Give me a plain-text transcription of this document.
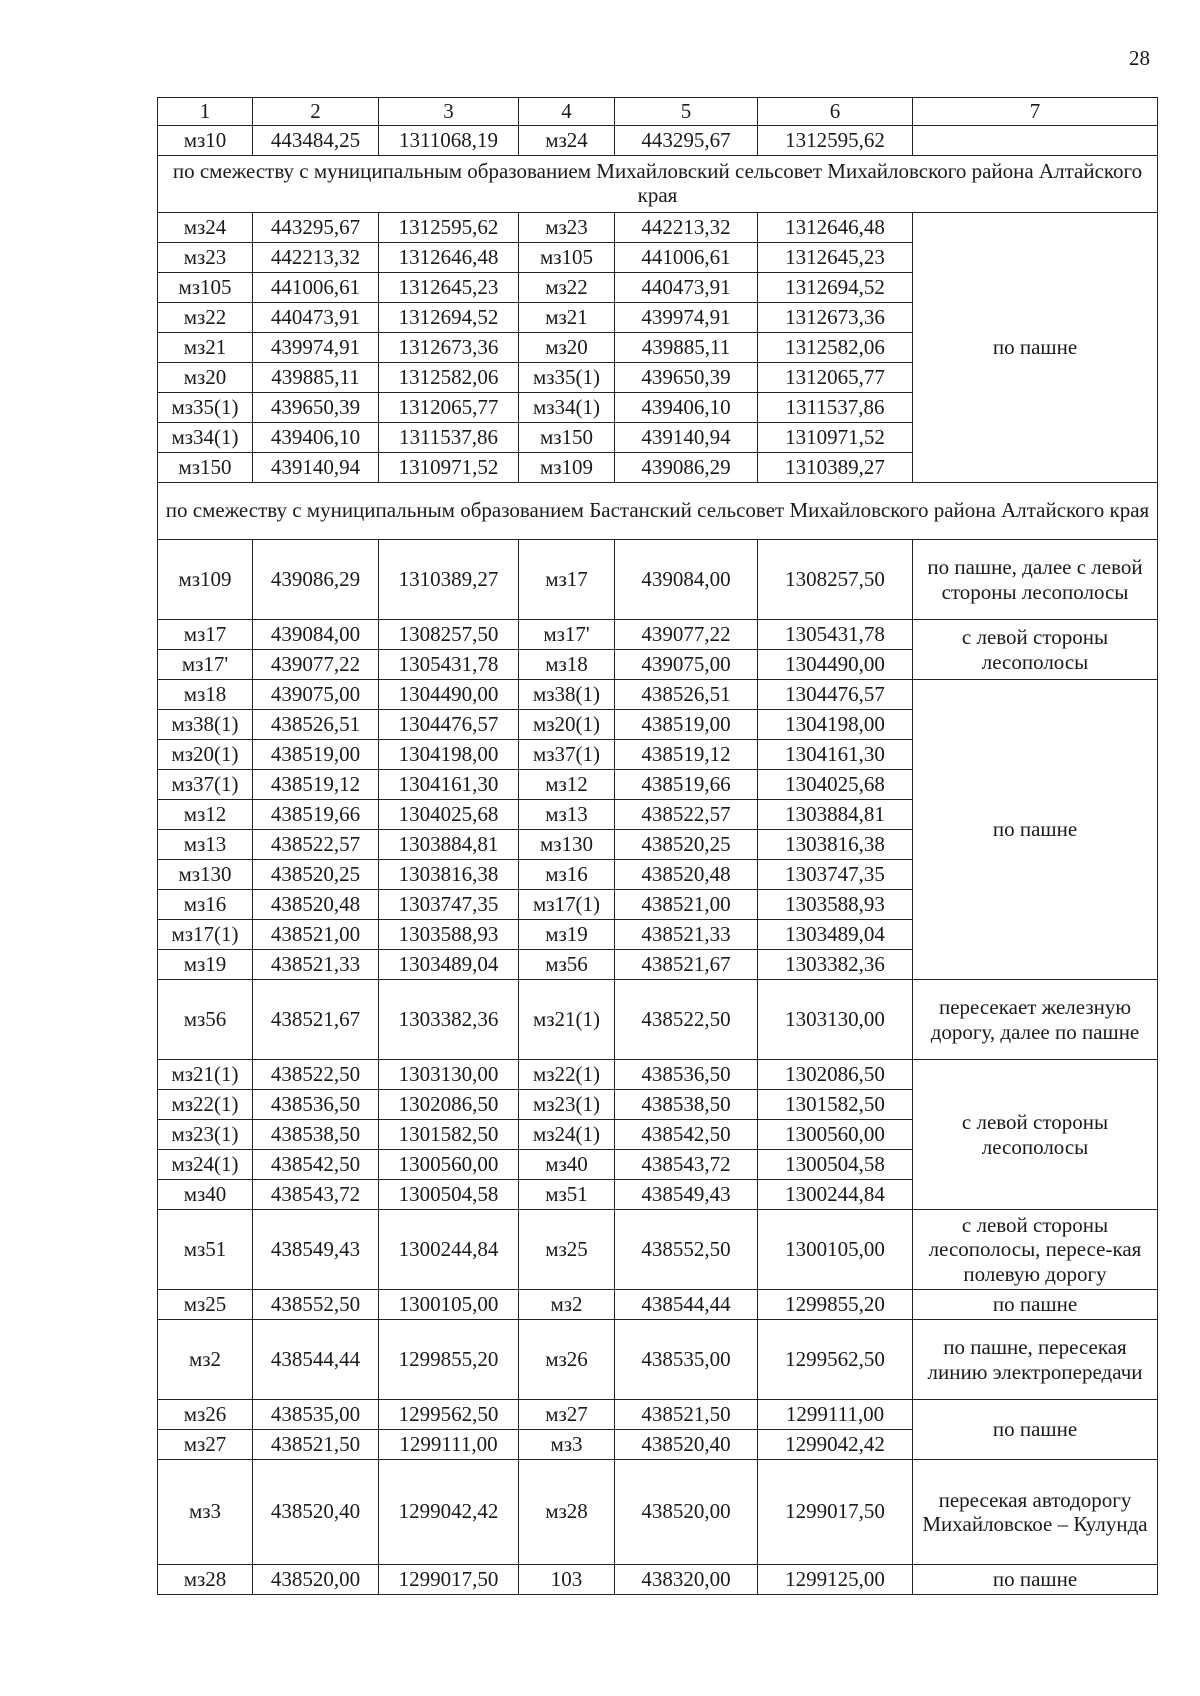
28
1	2	3	4	5	6	7
мз10	443484,25	1311068,19	мз24	443295,67	1312595,62	
по смежеству с муниципальным образованием Михайловский сельсовет Михайловского района Алтайского края						
мз24	443295,67	1312595,62	мз23	442213,32	1312646,48	по пашне
мз23	442213,32	1312646,48	мз105	441006,61	1312645,23	
мз105	441006,61	1312645,23	мз22	440473,91	1312694,52	
мз22	440473,91	1312694,52	мз21	439974,91	1312673,36	
мз21	439974,91	1312673,36	мз20	439885,11	1312582,06	
мз20	439885,11	1312582,06	мз35(1)	439650,39	1312065,77	
мз35(1)	439650,39	1312065,77	мз34(1)	439406,10	1311537,86	
мз34(1)	439406,10	1311537,86	мз150	439140,94	1310971,52	
мз150	439140,94	1310971,52	мз109	439086,29	1310389,27	
по смежеству с муниципальным образованием Бастанский сельсовет Михайловского района Алтайского края						
мз109	439086,29	1310389,27	мз17	439084,00	1308257,50	по пашне, далее с левой стороны лесополосы
мз17	439084,00	1308257,50	мз17'	439077,22	1305431,78	с левой стороны лесополосы
мз17'	439077,22	1305431,78	мз18	439075,00	1304490,00	
мз18	439075,00	1304490,00	мз38(1)	438526,51	1304476,57	по пашне
мз38(1)	438526,51	1304476,57	мз20(1)	438519,00	1304198,00	
мз20(1)	438519,00	1304198,00	мз37(1)	438519,12	1304161,30	
мз37(1)	438519,12	1304161,30	мз12	438519,66	1304025,68	
мз12	438519,66	1304025,68	мз13	438522,57	1303884,81	
мз13	438522,57	1303884,81	мз130	438520,25	1303816,38	
мз130	438520,25	1303816,38	мз16	438520,48	1303747,35	
мз16	438520,48	1303747,35	мз17(1)	438521,00	1303588,93	
мз17(1)	438521,00	1303588,93	мз19	438521,33	1303489,04	
мз19	438521,33	1303489,04	мз56	438521,67	1303382,36	
мз56	438521,67	1303382,36	мз21(1)	438522,50	1303130,00	пересекает железную дорогу, далее по пашне
мз21(1)	438522,50	1303130,00	мз22(1)	438536,50	1302086,50	с левой стороны лесополосы
мз22(1)	438536,50	1302086,50	мз23(1)	438538,50	1301582,50	
мз23(1)	438538,50	1301582,50	мз24(1)	438542,50	1300560,00	
мз24(1)	438542,50	1300560,00	мз40	438543,72	1300504,58	
мз40	438543,72	1300504,58	мз51	438549,43	1300244,84	
мз51	438549,43	1300244,84	мз25	438552,50	1300105,00	с левой стороны лесополосы, пересе-кая полевую дорогу
мз25	438552,50	1300105,00	мз2	438544,44	1299855,20	по пашне
мз2	438544,44	1299855,20	мз26	438535,00	1299562,50	по пашне, пересекая линию электропередачи
мз26	438535,00	1299562,50	мз27	438521,50	1299111,00	по пашне
мз27	438521,50	1299111,00	мз3	438520,40	1299042,42	
мз3	438520,40	1299042,42	мз28	438520,00	1299017,50	пересекая автодорогу Михайловское – Кулунда
мз28	438520,00	1299017,50	103	438320,00	1299125,00	по пашне
